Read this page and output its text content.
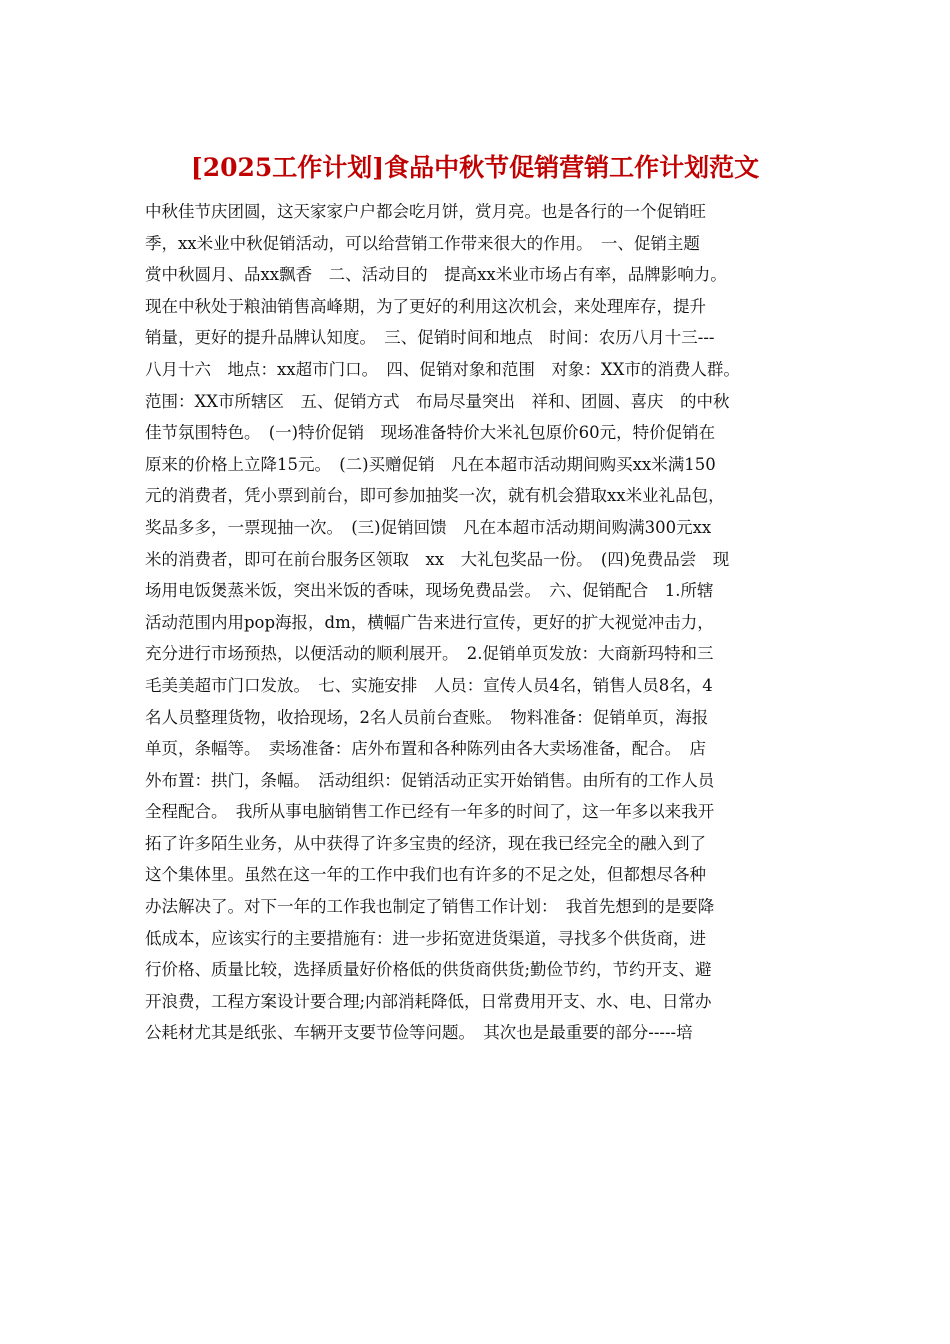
[2025工作计划]食品中秋节促销营销工作计划范文
中秋佳节庆团圆，这天家家户户都会吃月饼，赏月亮。也是各行的一个促销旺
季，xx米业中秋促销活动，可以给营销工作带来很大的作用。　一、促销主题
赏中秋圆月、品xx飘香　二、活动目的　提高xx米业市场占有率，品牌影响力。
现在中秋处于粮油销售高峰期，为了更好的利用这次机会，来处理库存，提升
销量，更好的提升品牌认知度。　三、促销时间和地点　时间：农历八月十三---
八月十六　地点：xx超市门口。　四、促销对象和范围　对象：XX市的消费人群。
范围：XX市所辖区　五、促销方式　布局尽量突出　祥和、团圆、喜庆　的中秋
佳节氛围特色。　(一)特价促销　现场准备特价大米礼包原价60元，特价促销在
原来的价格上立降15元。　(二)买赠促销　凡在本超市活动期间购买xx米满150
元的消费者，凭小票到前台，即可参加抽奖一次，就有机会猎取xx米业礼品包，
奖品多多，一票现抽一次。　(三)促销回馈　凡在本超市活动期间购满300元xx
米的消费者，即可在前台服务区领取　xx　大礼包奖品一份。　(四)免费品尝　现
场用电饭煲蒸米饭，突出米饭的香味，现场免费品尝。　六、促销配合　1.所辖
活动范围内用pop海报，dm，横幅广告来进行宣传，更好的扩大视觉冲击力，
充分进行市场预热，以便活动的顺利展开。　2.促销单页发放：大商新玛特和三
毛美美超市门口发放。　七、实施安排　人员：宣传人员4名，销售人员8名，4
名人员整理货物，收拾现场，2名人员前台查账。　物料准备：促销单页，海报
单页，条幅等。　卖场准备：店外布置和各种陈列由各大卖场准备，配合。　店
外布置：拱门，条幅。　活动组织：促销活动正实开始销售。由所有的工作人员
全程配合。　我所从事电脑销售工作已经有一年多的时间了，这一年多以来我开
拓了许多陌生业务，从中获得了许多宝贵的经济，现在我已经完全的融入到了
这个集体里。虽然在这一年的工作中我们也有许多的不足之处，但都想尽各种
办法解决了。对下一年的工作我也制定了销售工作计划：　我首先想到的是要降
低成本，应该实行的主要措施有：进一步拓宽进货渠道，寻找多个供货商，进
行价格、质量比较，选择质量好价格低的供货商供货;勤俭节约，节约开支、避
开浪费，工程方案设计要合理;内部消耗降低，日常费用开支、水、电、日常办
公耗材尤其是纸张、车辆开支要节俭等问题。　其次也是最重要的部分-----培
